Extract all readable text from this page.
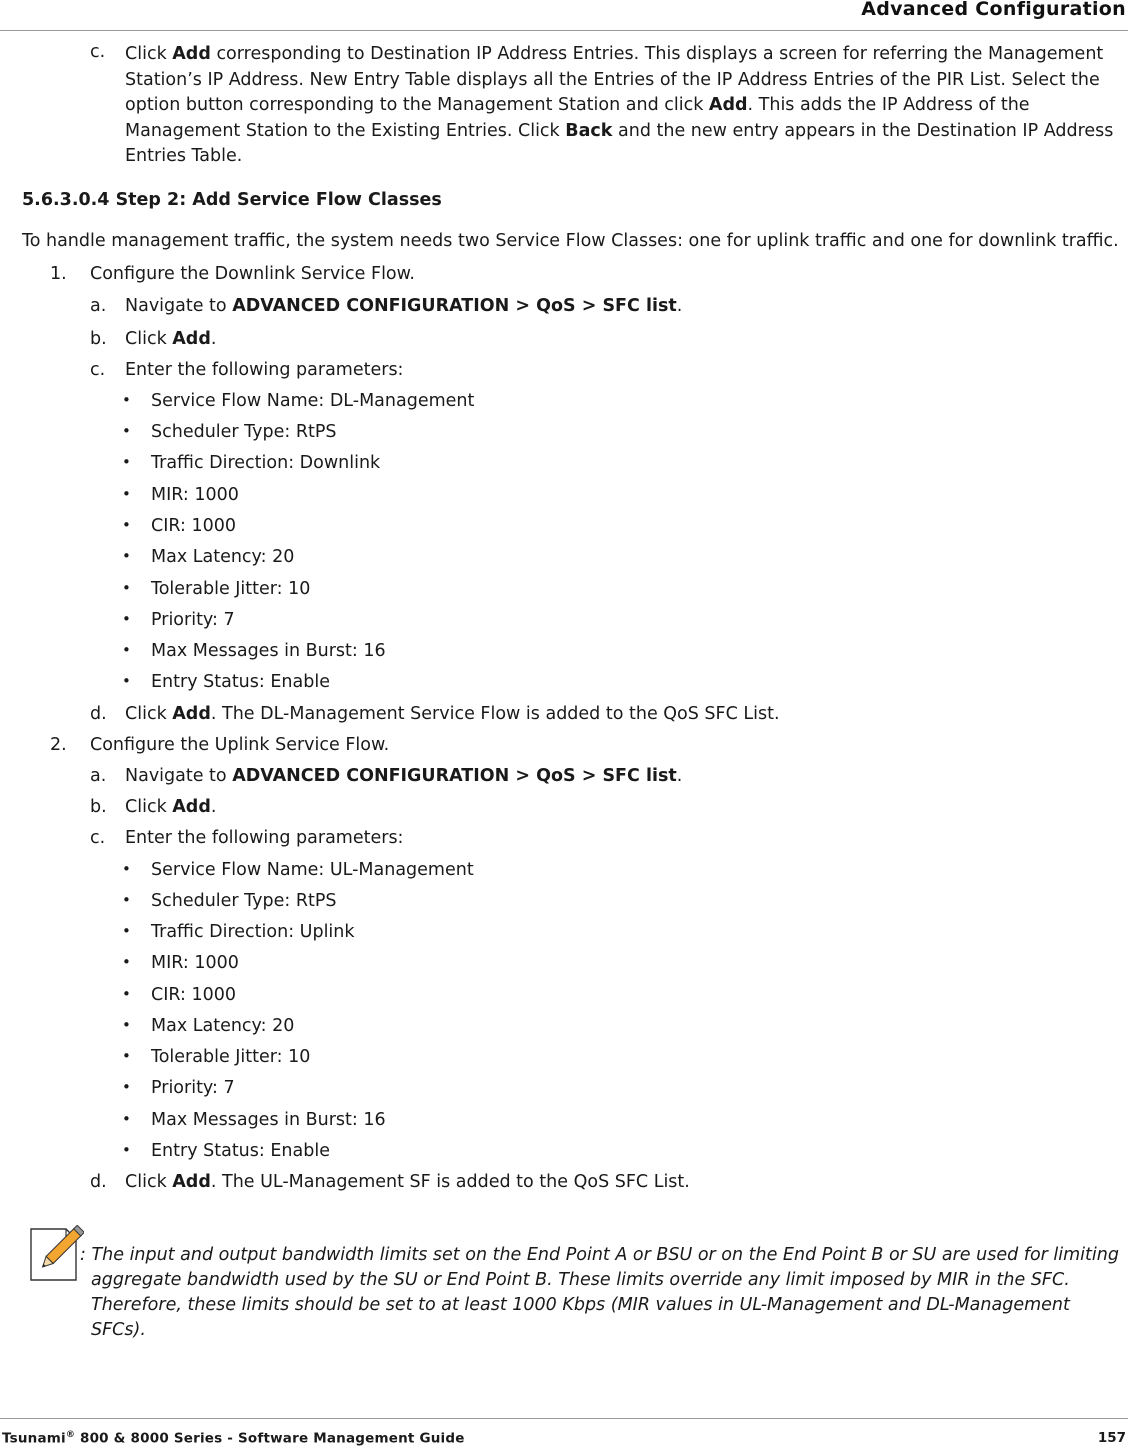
Advanced Configuration
c. Click Add corresponding to Destination IP Address Entries. This displays a screen for referring the Management Station’s IP Address. New Entry Table displays all the Entries of the IP Address Entries of the PIR List. Select the option button corresponding to the Management Station and click Add. This adds the IP Address of the Management Station to the Existing Entries. Click Back and the new entry appears in the Destination IP Address Entries Table.
5.6.3.0.4 Step 2: Add Service Flow Classes
To handle management traffic, the system needs two Service Flow Classes: one for uplink traffic and one for downlink traffic.
1. Configure the Downlink Service Flow.
a. Navigate to ADVANCED CONFIGURATION > QoS > SFC list.
b. Click Add.
c. Enter the following parameters:
• Service Flow Name: DL-Management
• Scheduler Type: RtPS
• Traffic Direction: Downlink
• MIR: 1000
• CIR: 1000
• Max Latency: 20
• Tolerable Jitter: 10
• Priority: 7
• Max Messages in Burst: 16
• Entry Status: Enable
d. Click Add. The DL-Management Service Flow is added to the QoS SFC List.
2. Configure the Uplink Service Flow.
a. Navigate to ADVANCED CONFIGURATION > QoS > SFC list.
b. Click Add.
c. Enter the following parameters:
• Service Flow Name: UL-Management
• Scheduler Type: RtPS
• Traffic Direction: Uplink
• MIR: 1000
• CIR: 1000
• Max Latency: 20
• Tolerable Jitter: 10
• Priority: 7
• Max Messages in Burst: 16
• Entry Status: Enable
d. Click Add. The UL-Management SF is added to the QoS SFC List.
: The input and output bandwidth limits set on the End Point A or BSU or on the End Point B or SU are used for limiting
aggregate bandwidth used by the SU or End Point B. These limits override any limit imposed by MIR in the SFC.
Therefore, these limits should be set to at least 1000 Kbps (MIR values in UL-Management and DL-Management
SFCs).
Tsunami® 800 & 8000 Series - Software Management Guide	157
